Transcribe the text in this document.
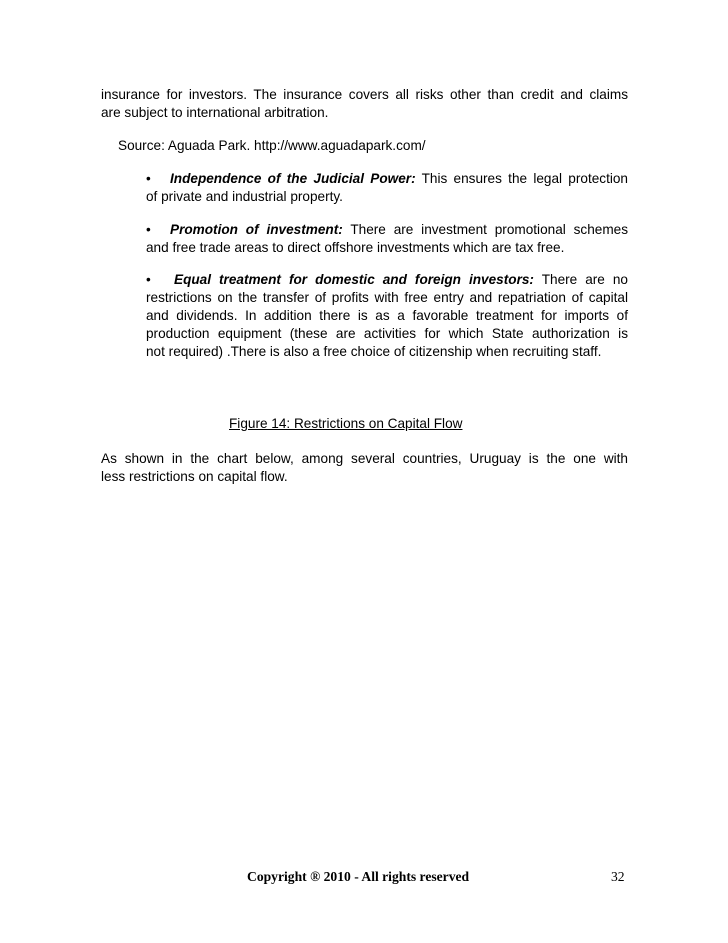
insurance for investors. The insurance covers all risks other than credit and claims
are subject to international arbitration.
Source: Aguada Park. http://www.aguadapark.com/
• Independence of the Judicial Power: This ensures the legal protection
of private and industrial property.
• Promotion of investment: There are investment promotional schemes
and free trade areas to direct offshore investments which are tax free.
• Equal treatment for domestic and foreign investors: There are no
restrictions on the transfer of profits with free entry and repatriation of capital
and dividends. In addition there is as a favorable treatment for imports of
production equipment (these are activities for which State authorization is
not required) .There is also a free choice of citizenship when recruiting staff.
Figure 14: Restrictions on Capital Flow
As shown in the chart below, among several countries, Uruguay is the one with
less restrictions on capital flow.
Copyright ® 2010 - All rights reserved	32
